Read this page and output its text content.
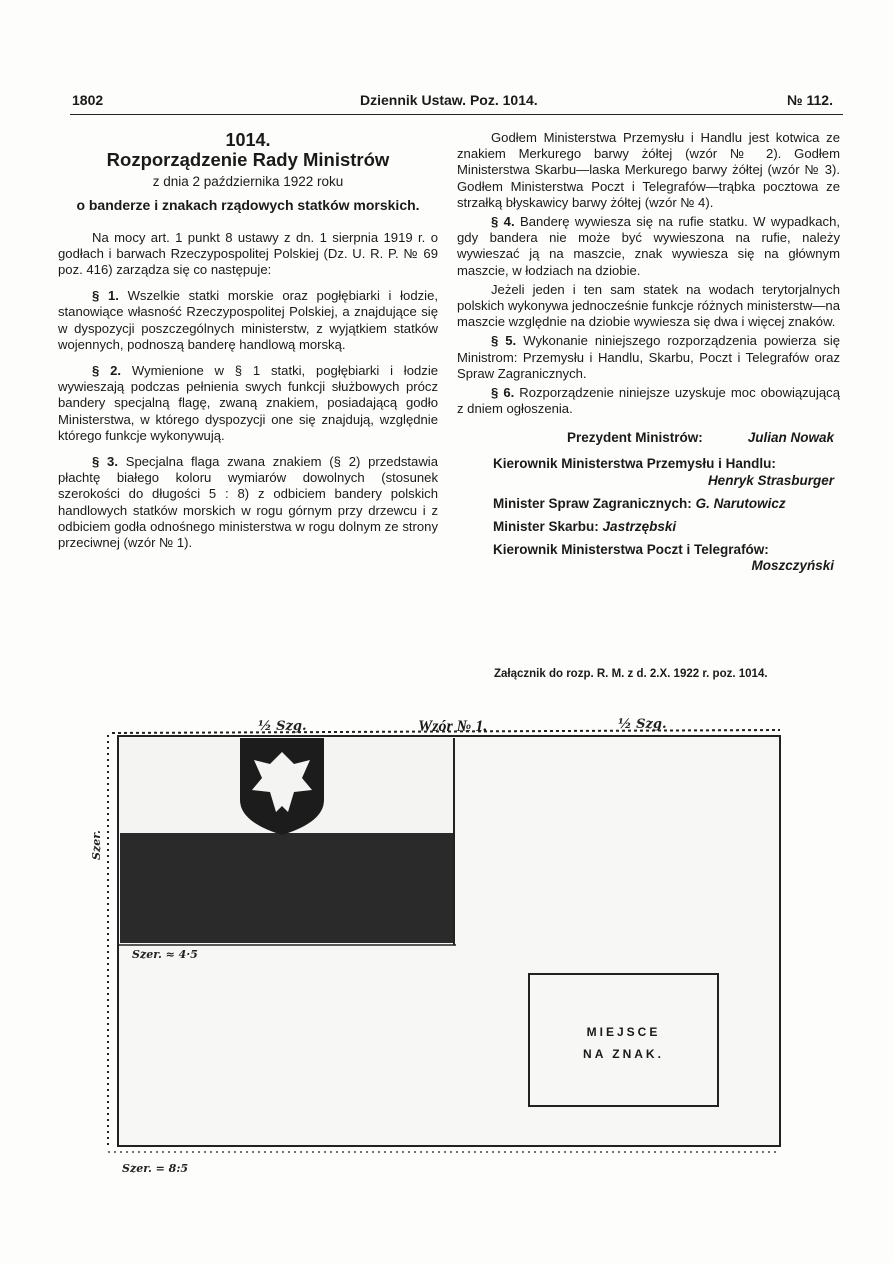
1802	Dziennik Ustaw. Poz. 1014.	№ 112.
1014.
Rozporządzenie Rady Ministrów
z dnia 2 października 1922 roku
o banderze i znakach rządowych statków morskich.

Na mocy art. 1 punkt 8 ustawy z dn. 1 sierpnia 1919 r. o godłach i barwach Rzeczypospolitej Polskiej (Dz. U. R. P. № 69 poz. 416) zarządza się co następuje:

§ 1. Wszelkie statki morskie oraz pogłębiarki i łodzie, stanowiące własność Rzeczypospolitej Polskiej, a znajdujące się w dyspozycji poszczególnych ministerstw, z wyjątkiem statków wojennych, podnoszą banderę handlową morską.

§ 2. Wymienione w § 1 statki, pogłębiarki i łodzie wywieszają podczas pełnienia swych funkcji służbowych prócz bandery specjalną flagę, zwaną znakiem, posiadającą godło Ministerstwa, w którego dyspozycji one się znajdują, względnie którego funkcje wykonywują.

§ 3. Specjalna flaga zwana znakiem (§ 2) przedstawia płachtę białego koloru wymiarów dowolnych (stosunek szerokości do długości 5 : 8) z odbiciem bandery polskich handlowych statków morskich w rogu górnym przy drzewcu i z odbiciem godła odnośnego ministerstwa w rogu dolnym ze strony przeciwnej (wzór № 1).

Godłem Ministerstwa Przemysłu i Handlu jest kotwica ze znakiem Merkurego barwy żółtej (wzór № 2). Godłem Ministerstwa Skarbu—laska Merkurego barwy żółtej (wzór № 3). Godłem Ministerstwa Poczt i Telegrafów—trąbka pocztowa ze strzałką błyskawicy barwy żółtej (wzór № 4).

§ 4. Banderę wywiesza się na rufie statku. W wypadkach, gdy bandera nie może być wywieszona na rufie, należy wywieszać ją na maszcie, znak wywiesza się na głównym maszcie, w łodziach na dziobie.

Jeżeli jeden i ten sam statek na wodach terytorjalnych polskich wykonywa jednocześnie funkcje różnych ministerstw—na maszcie względnie na dziobie wywiesza się dwa i więcej znaków.

§ 5. Wykonanie niniejszego rozporządzenia powierza się Ministrom: Przemysłu i Handlu, Skarbu, Poczt i Telegrafów oraz Spraw Zagranicznych.

§ 6. Rozporządzenie niniejsze uzyskuje moc obowiązującą z dniem ogłoszenia.

Prezydent Ministrów:	Julian Nowak
Kierownik Ministerstwa Przemysłu i Handlu:
Henryk Strasburger
Minister Spraw Zagranicznych: G. Narutowicz
Minister Skarbu: Jastrzębski
Kierownik Ministerstwa Poczt i Telegrafów:
Moszczyński
Załącznik do rozp. R. M. z d. 2.X. 1922 r. poz. 1014.
Wzór № 1.
½ Szg.	½ Szg.
Szer. ≈ 4·5
Szer.
Szer. = 8:5
MIEJSCE
NA ZNAK.
